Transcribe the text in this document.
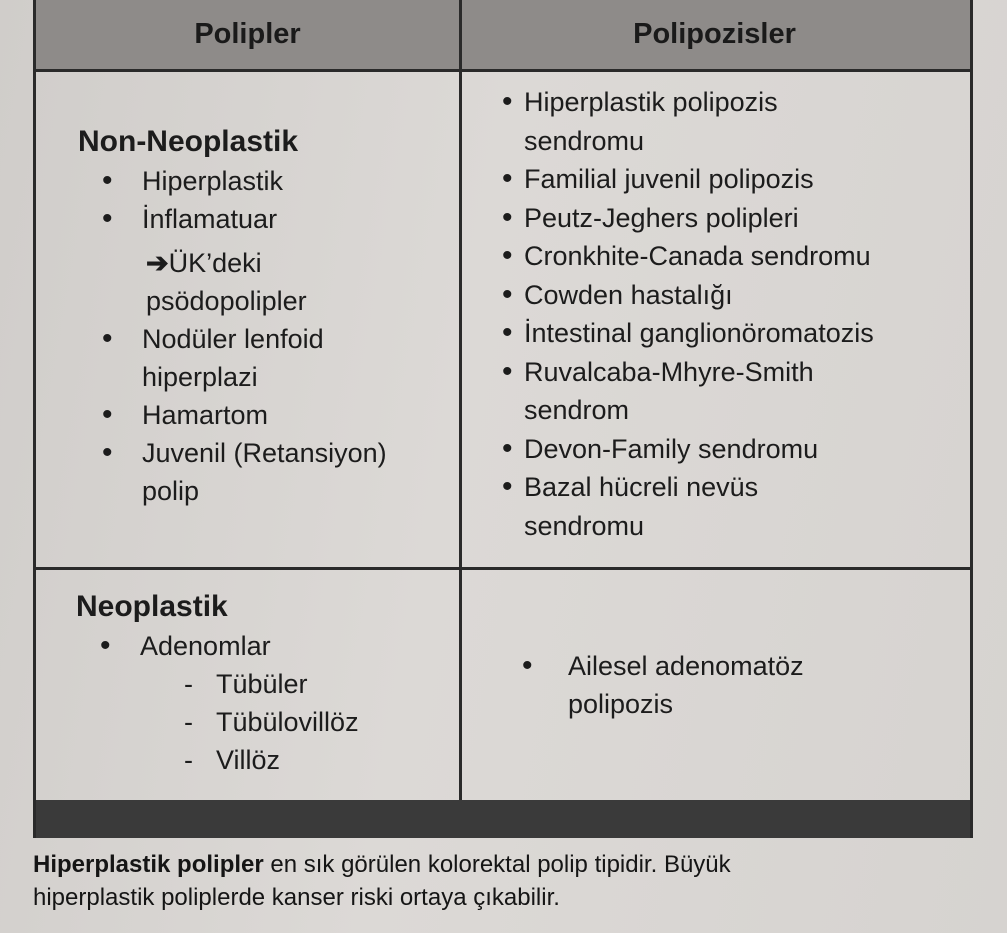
Polipler	Polipozisler
Non-Neoplastik
• Hiperplastik
• İnflamatuar
➔ÜK’deki
psödopolipler
• Nodüler lenfoid
hiperplazi
• Hamartom
• Juvenil (Retansiyon)
polip
• Hiperplastik polipozis
sendromu
• Familial juvenil polipozis
• Peutz-Jeghers polipleri
• Cronkhite-Canada sendromu
• Cowden hastalığı
• İntestinal ganglionöromatozis
• Ruvalcaba-Mhyre-Smith
sendrom
• Devon-Family sendromu
• Bazal hücreli nevüs
sendromu
Neoplastik
• Adenomlar
- Tübüler
- Tübülovillöz
- Villöz
• Ailesel adenomatöz
polipozis
Hiperplastik polipler en sık görülen kolorektal polip tipidir. Büyük
hiperplastik poliplerde kanser riski ortaya çıkabilir.
